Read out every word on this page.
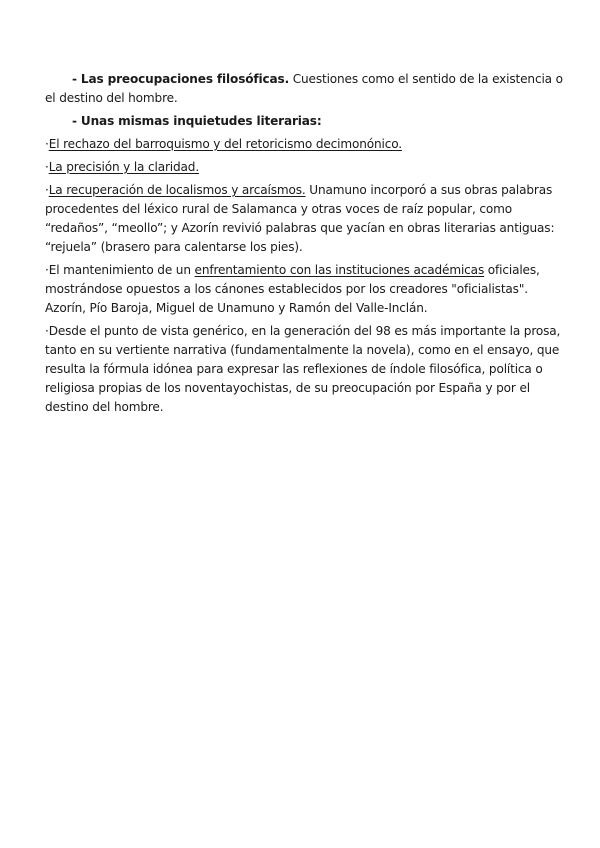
- Las preocupaciones filosóficas. Cuestiones como el sentido de la existencia o el destino del hombre.

- Unas mismas inquietudes literarias:

·El rechazo del barroquismo y del retoricismo decimonónico.

·La precisión y la claridad.

·La recuperación de localismos y arcaísmos. Unamuno incorporó a sus obras palabras procedentes del léxico rural de Salamanca y otras voces de raíz popular, como “redaños”, “meollo”; y Azorín revivió palabras que yacían en obras literarias antiguas: “rejuela” (brasero para calentarse los pies).

·El mantenimiento de un enfrentamiento con las instituciones académicas oficiales, mostrándose opuestos a los cánones establecidos por los creadores "oficialistas". Azorín, Pío Baroja, Miguel de Unamuno y Ramón del Valle-Inclán.

·Desde el punto de vista genérico, en la generación del 98 es más importante la prosa, tanto en su vertiente narrativa (fundamentalmente la novela), como en el ensayo, que resulta la fórmula idónea para expresar las reflexiones de índole filosófica, política o religiosa propias de los noventayochistas, de su preocupación por España y por el destino del hombre.
